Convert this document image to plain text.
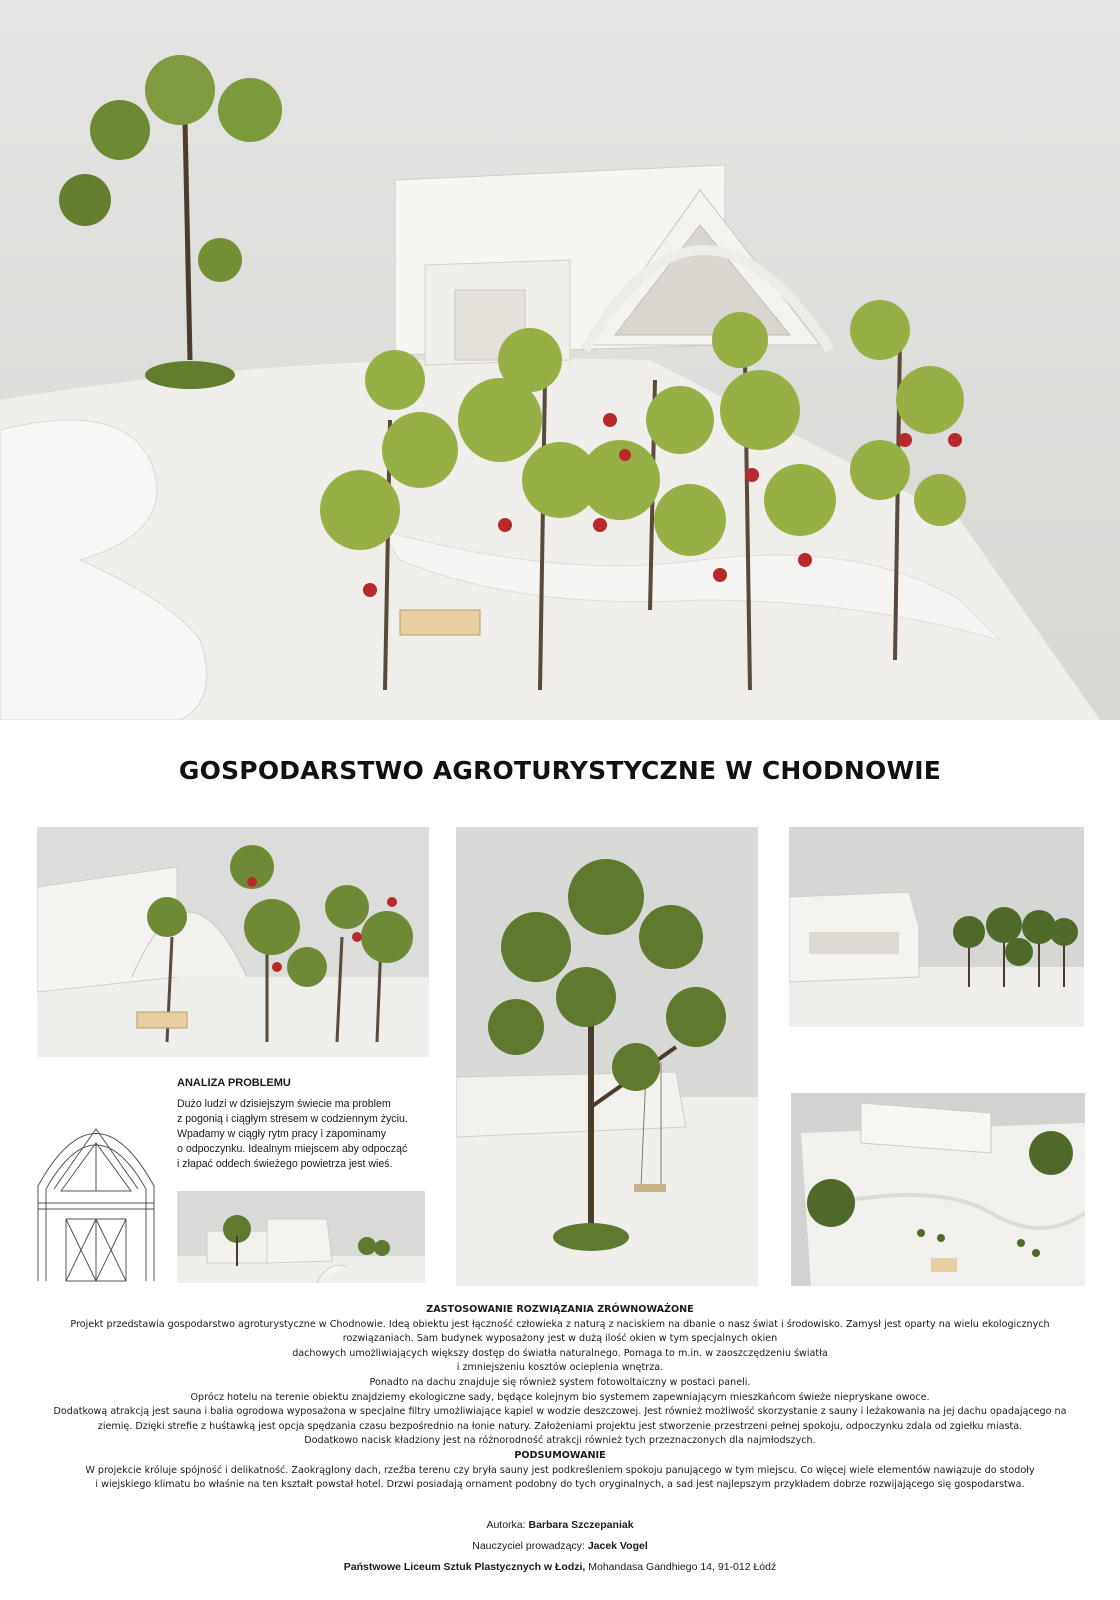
GOSPODARSTWO AGROTURYSTYCZNE W CHODNOWIE
ANALIZA PROBLEMU

Dużo ludzi w dzisiejszym świecie ma problem
z pogonią i ciągłym stresem w codziennym życiu.
Wpadamy w ciągły rytm pracy i zapominamy
o odpoczynku. Idealnym miejscem aby odpocząć
i złapać oddech świeżego powietrza jest wieś.

ZASTOSOWANIE ROZWIĄZANIA ZRÓWNOWAŻONE
Projekt przedstawia gospodarstwo agroturystyczne w Chodnowie. Ideą obiektu jest łączność człowieka z naturą z naciskiem na dbanie o nasz świat i środowisko. Zamysł jest oparty na wielu ekologicznych
rozwiązaniach. Sam budynek wyposażony jest w dużą ilość okien w tym specjalnych okien
dachowych umożliwiających większy dostęp do światła naturalnego. Pomaga to m.in. w zaoszczędzeniu światła
i zmniejszeniu kosztów ocieplenia wnętrza.
Ponadto na dachu znajduje się również system fotowoltaiczny w postaci paneli.
Oprócz hotelu na terenie obiektu znajdziemy ekologiczne sady, będące kolejnym bio systemem zapewniającym mieszkańcom świeże niepryskane owoce.
Dodatkową atrakcją jest sauna i balia ogrodowa wyposażona w specjalne filtry umożliwiające kąpiel w wodzie deszczowej. Jest również możliwość skorzystanie z sauny i leżakowania na jej dachu opadającego na
ziemię. Dzięki strefie z huśtawką jest opcja spędzania czasu bezpośrednio na łonie natury. Założeniami projektu jest stworzenie przestrzeni pełnej spokoju, odpoczynku zdala od zgiełku miasta.
Dodatkowo nacisk kładziony jest na różnorodność atrakcji również tych przeznaczonych dla najmłodszych.
PODSUMOWANIE
W projekcie króluje spójność i delikatność. Zaokrąglony dach, rzeźba terenu czy bryła sauny jest podkreśleniem spokoju panującego w tym miejscu. Co więcej wiele elementów nawiązuje do stodoły
i wiejskiego klimatu bo właśnie na ten kształt powstał hotel. Drzwi posiadają ornament podobny do tych oryginalnych, a sad jest najlepszym przykładem dobrze rozwijającego się gospodarstwa.
Autorka: Barbara Szczepaniak
Nauczyciel prowadzący: Jacek Vogel
Państwowe Liceum Sztuk Plastycznych w Łodzi, Mohandasa Gandhiego 14, 91-012 Łódź
